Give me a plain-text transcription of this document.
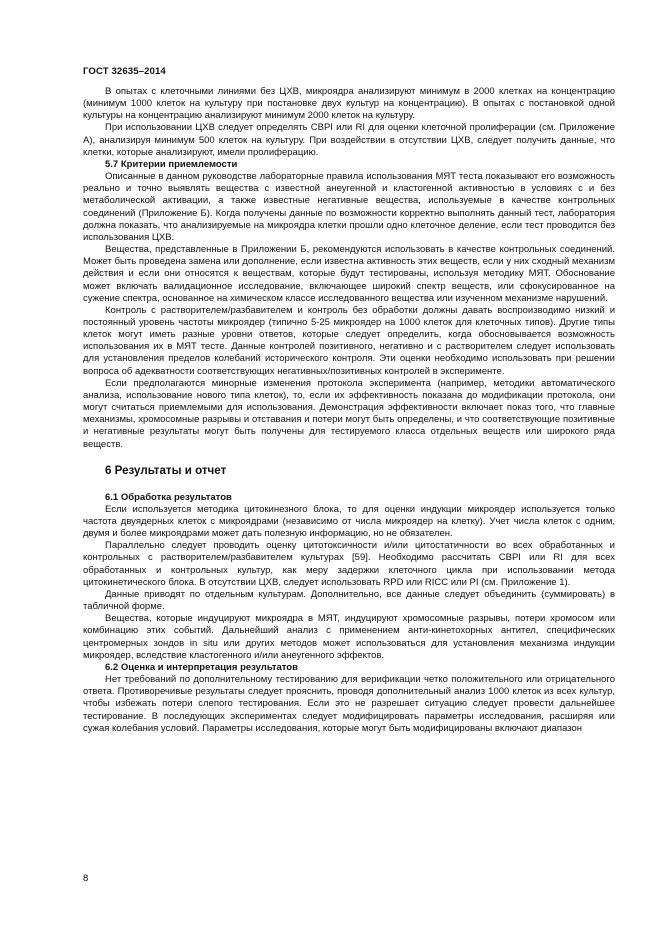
ГОСТ 32635–2014

В опытах с клеточными линиями без ЦХВ, микроядра анализируют минимум в 2000 клетках на концентрацию (минимум 1000 клеток на культуру при постановке двух культур на концентрацию). В опытах с постановкой одной культуры на концентрацию анализируют минимум 2000 клеток на культуру.

При использовании ЦХВ следует определять CBPI или RI для оценки клеточной пролиферации (см. Приложение А), анализируя минимум 500 клеток на культуру. При воздействии в отсутствии ЦХВ, следует получить данные, что клетки, которые анализируют, имели пролиферацию.

5.7 Критерии приемлемости

Описанные в данном руководстве лабораторные правила использования МЯТ теста показывают его возможность реально и точно выявлять вещества с известной анеугенной и кластогенной активностью в условиях с и без метаболической активации, а также известные негативные вещества, используемые в качестве контрольных соединений (Приложение Б). Когда получены данные по возможности корректно выполнять данный тест, лаборатория должна показать, что анализируемые на микроядра клетки прошли одно клеточное деление, если тест проводится без использования ЦХВ.

Вещества, представленные в Приложении Б, рекомендуются использовать в качестве контрольных соединений. Может быть проведена замена или дополнение, если известна активность этих веществ, если у них сходный механизм действия и если они относятся к веществам, которые будут тестированы, используя методику МЯТ. Обоснование может включать валидационное исследование, включающее широкий спектр веществ, или сфокусированное на сужение спектра, основанное на химическом классе исследованного вещества или изученном механизме нарушений.

Контроль с растворителем/разбавителем и контроль без обработки должны давать воспроизводимо низкий и постоянный уровень частоты микроядер (типично 5-25 микроядер на 1000 клеток для клеточных типов). Другие типы клеток могут иметь разные уровни ответов, которые следует определить, когда обосновывается возможность использования их в МЯТ тесте. Данные контролей позитивного, негативно и с растворителем следует использовать для установления пределов колебаний исторического контроля. Эти оценки необходимо использовать при решении вопроса об адекватности соответствующих негативных/позитивных контролей в эксперименте.

Если предполагаются минорные изменения протокола эксперимента (например, методики автоматического анализа, использование нового типа клеток), то, если их эффективность показана до модификации протокола, они могут считаться приемлемыми для использования. Демонстрация эффективности включает показ того, что главные механизмы, хромосомные разрывы и отставания и потери могут быть определены, и что соответствующие позитивные и негативные результаты могут быть получены для тестируемого класса отдельных веществ или широкого ряда веществ.

6 Результаты и отчет
6.1 Обработка результатов

Если используется методика цитокинезного блока, то для оценки индукции микроядер используется только частота двуядерных клеток с микроядрами (независимо от числа микроядер на клетку). Учет числа клеток с одним, двумя и более микроядрами может дать полезную информацию, но не обязателен.

Параллельно следует проводить оценку цитотоксичности и/или цитостатичности во всех обработанных и контрольных с растворителем/разбавителем культурах [59]. Необходимо рассчитать CBPI или RI для всех обработанных и контрольных культур, как меру задержки клеточного цикла при использовании метода цитокинетического блока. В отсутствии ЦХВ, следует использовать RPD или RICC или PI (см. Приложение 1).

Данные приводят по отдельным культурам. Дополнительно, все данные следует объединить (суммировать) в табличной форме.

Вещества, которые индуцируют микроядра в МЯТ, индуцируют хромосомные разрывы, потери хромосом или комбинацию этих событий. Дальнейший анализ с применением анти-кинетохорных антител, специфических центромерных зондов in situ или других методов может использоваться для установления механизма индукции микроядер, вследствие кластогенного и/или анеугенного эффектов.

6.2 Оценка и интерпретация результатов

Нет требований по дополнительному тестированию для верификации четко положительного или отрицательного ответа. Противоречивые результаты следует прояснить, проводя дополнительный анализ 1000 клеток из всех культур, чтобы избежать потери слепого тестирования. Если это не разрешает ситуацию следует провести дальнейшее тестирование. В последующих экспериментах следует модифицировать параметры исследования, расширяя или сужая колебания условий. Параметры исследования, которые могут быть модифицированы включают диапазон

8
